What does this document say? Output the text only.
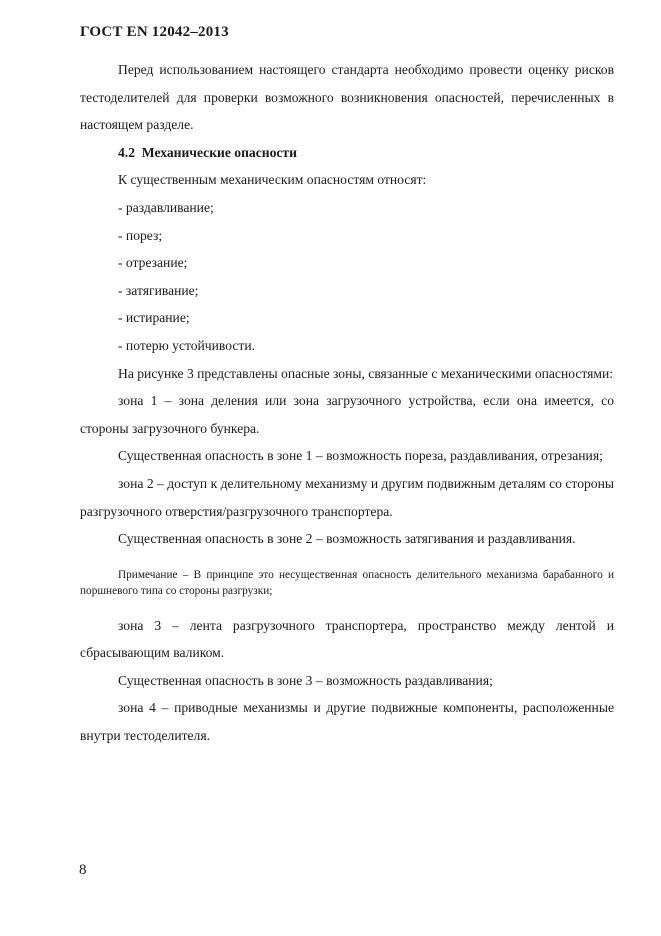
ГОСТ EN 12042–2013

Перед использованием настоящего стандарта необходимо провести оценку рисков тестоделителей для проверки возможного возникновения опасностей, перечисленных в настоящем разделе.

4.2 Механические опасности

К существенным механическим опасностям относят:

- раздавливание;

- порез;

- отрезание;

- затягивание;

- истирание;

- потерю устойчивости.

На рисунке 3 представлены опасные зоны, связанные с механическими опасностями:

зона 1 – зона деления или зона загрузочного устройства, если она имеется, со стороны загрузочного бункера.

Существенная опасность в зоне 1 – возможность пореза, раздавливания, отрезания;

зона 2 – доступ к делительному механизму и другим подвижным деталям со стороны разгрузочного отверстия/разгрузочного транспортера.

Существенная опасность в зоне 2 – возможность затягивания и раздавливания.

Примечание – В принципе это несущественная опасность делительного механизма барабанного и поршневого типа со стороны разгрузки;

зона 3 – лента разгрузочного транспортера, пространство между лентой и сбрасывающим валиком.

Существенная опасность в зоне 3 – возможность раздавливания;

зона 4 – приводные механизмы и другие подвижные компоненты, расположенные внутри тестоделителя.

8
